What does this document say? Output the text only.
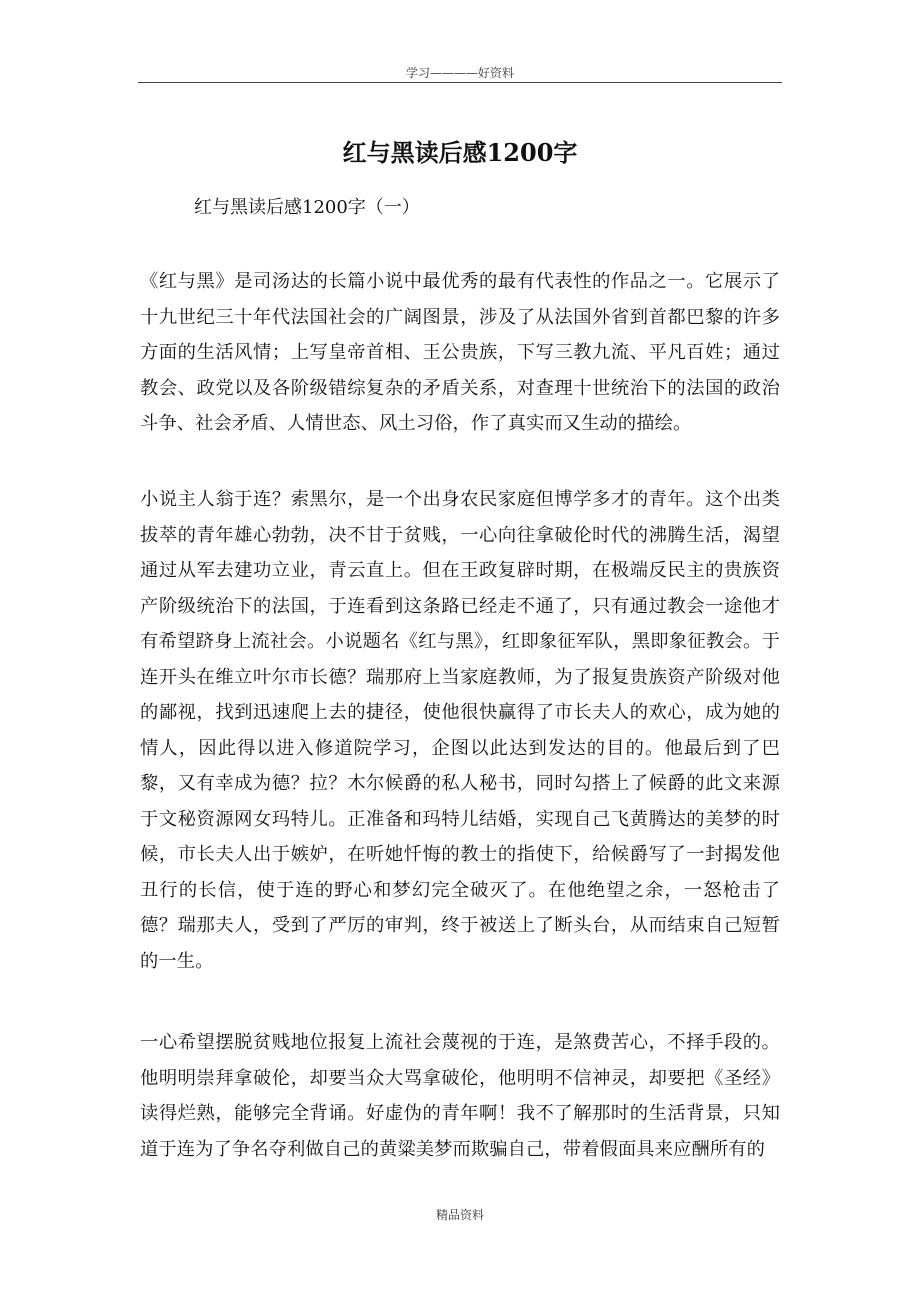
学习————好资料
红与黑读后感1200字
红与黑读后感1200字（一）

《红与黑》是司汤达的长篇小说中最优秀的最有代表性的作品之一。它展示了十九世纪三十年代法国社会的广阔图景，涉及了从法国外省到首都巴黎的许多方面的生活风情；上写皇帝首相、王公贵族，下写三教九流、平凡百姓；通过教会、政党以及各阶级错综复杂的矛盾关系，对查理十世统治下的法国的政治斗争、社会矛盾、人情世态、风土习俗，作了真实而又生动的描绘。

小说主人翁于连？索黑尔，是一个出身农民家庭但博学多才的青年。这个出类拔萃的青年雄心勃勃，决不甘于贫贱，一心向往拿破伦时代的沸腾生活，渴望通过从军去建功立业，青云直上。但在王政复辟时期，在极端反民主的贵族资产阶级统治下的法国，于连看到这条路已经走不通了，只有通过教会一途他才有希望跻身上流社会。小说题名《红与黑》，红即象征军队，黑即象征教会。于连开头在维立叶尔市长德？瑞那府上当家庭教师，为了报复贵族资产阶级对他的鄙视，找到迅速爬上去的捷径，使他很快赢得了市长夫人的欢心，成为她的情人，因此得以进入修道院学习，企图以此达到发达的目的。他最后到了巴黎，又有幸成为德？拉？木尔候爵的私人秘书，同时勾搭上了候爵的此文来源于文秘资源网女玛特儿。正准备和玛特儿结婚，实现自己飞黄腾达的美梦的时候，市长夫人出于嫉妒，在听她忏悔的教士的指使下，给候爵写了一封揭发他丑行的长信，使于连的野心和梦幻完全破灭了。在他绝望之余，一怒枪击了德？瑞那夫人，受到了严厉的审判，终于被送上了断头台，从而结束自己短暂的一生。

一心希望摆脱贫贱地位报复上流社会蔑视的于连，是煞费苦心，不择手段的。他明明崇拜拿破伦，却要当众大骂拿破伦，他明明不信神灵，却要把《圣经》读得烂熟，能够完全背诵。好虚伪的青年啊！我不了解那时的生活背景，只知道于连为了争名夺利做自己的黄粱美梦而欺骗自己，带着假面具来应酬所有的

精品资料
